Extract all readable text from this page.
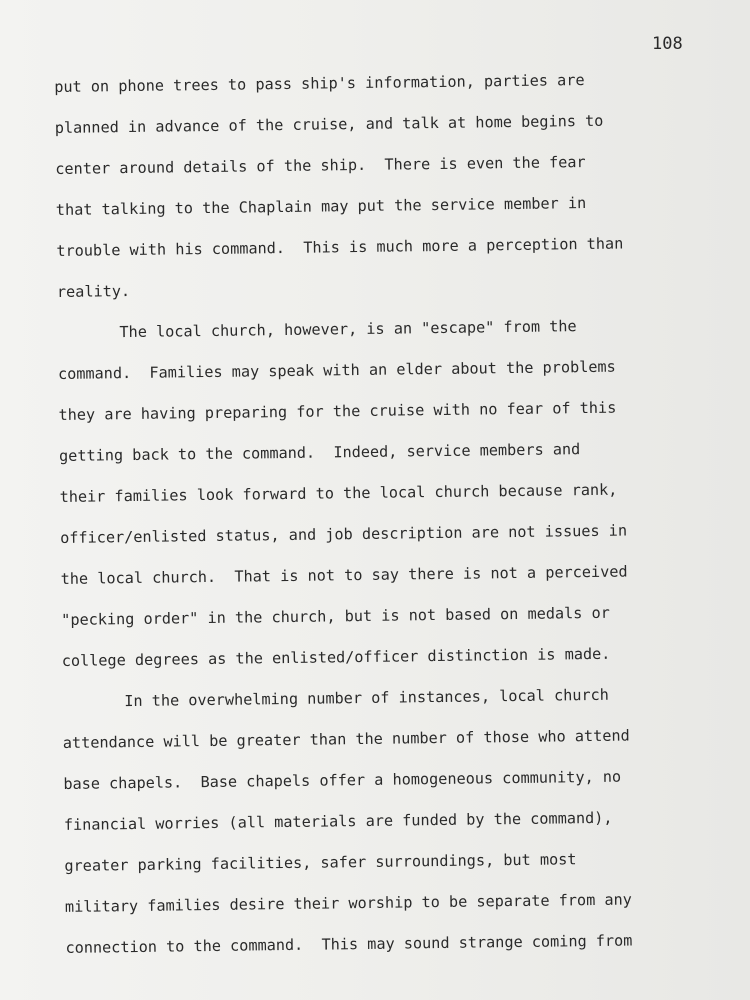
108
put on phone trees to pass ship's information, parties are
planned in advance of the cruise, and talk at home begins to
center around details of the ship.  There is even the fear
that talking to the Chaplain may put the service member in
trouble with his command.  This is much more a perception than
reality.
The local church, however, is an "escape" from the
command.  Families may speak with an elder about the problems
they are having preparing for the cruise with no fear of this
getting back to the command.  Indeed, service members and
their families look forward to the local church because rank,
officer/enlisted status, and job description are not issues in
the local church.  That is not to say there is not a perceived
"pecking order" in the church, but is not based on medals or
college degrees as the enlisted/officer distinction is made.
In the overwhelming number of instances, local church
attendance will be greater than the number of those who attend
base chapels.  Base chapels offer a homogeneous community, no
financial worries (all materials are funded by the command),
greater parking facilities, safer surroundings, but most
military families desire their worship to be separate from any
connection to the command.  This may sound strange coming from
